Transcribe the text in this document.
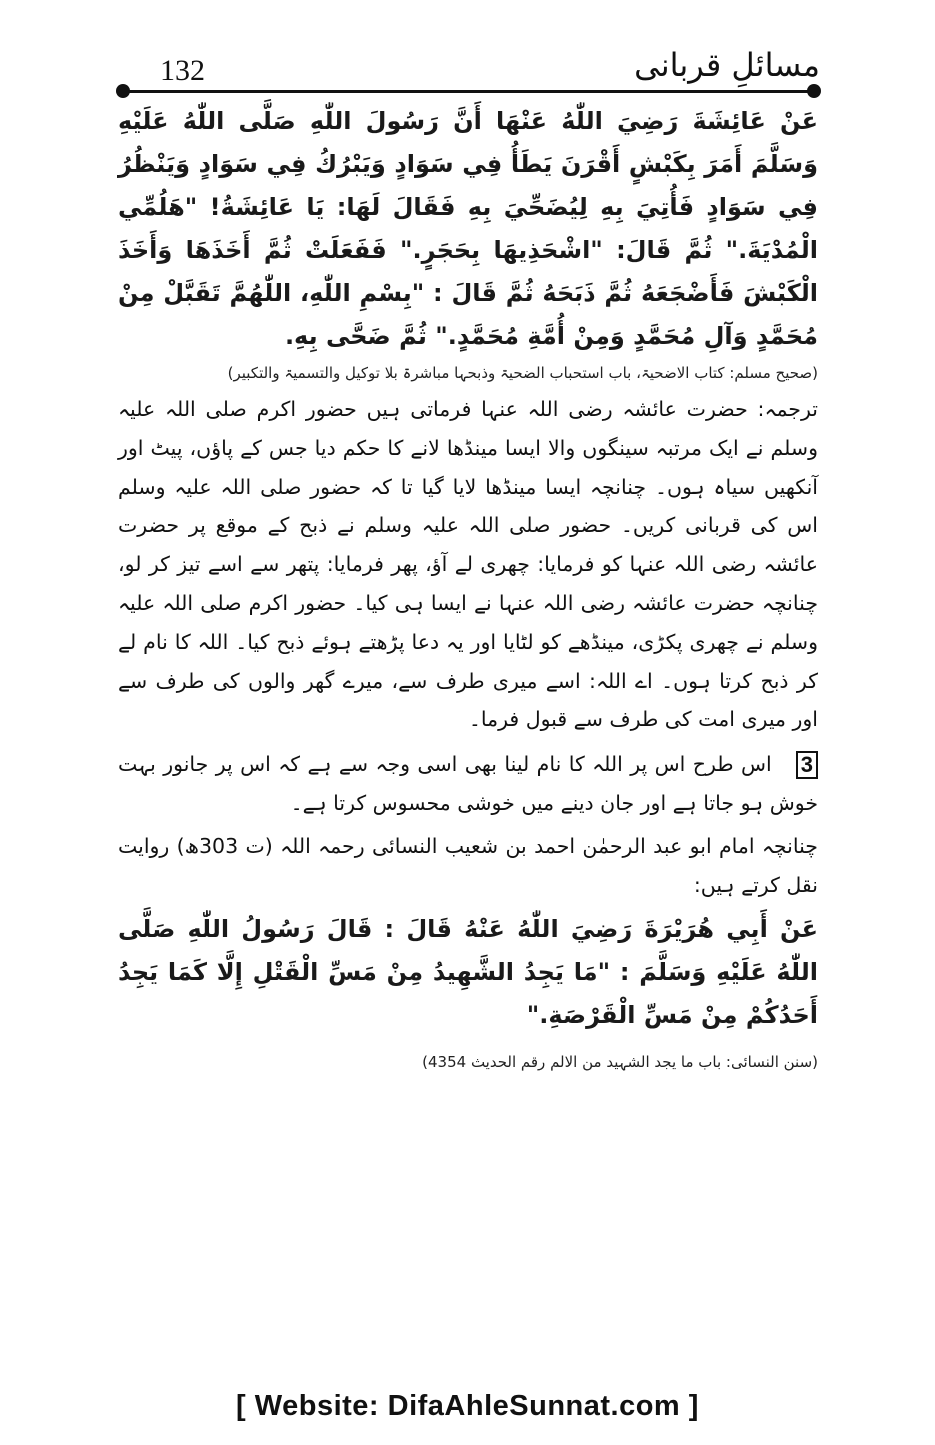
132	مسائلِ قربانی

عَنْ عَائِشَةَ رَضِيَ اللّٰهُ عَنْهَا أَنَّ رَسُولَ اللّٰهِ صَلَّى اللّٰهُ عَلَيْهِ وَسَلَّمَ أَمَرَ بِكَبْشٍ أَقْرَنَ يَطَأُ فِي سَوَادٍ وَيَبْرُكُ فِي سَوَادٍ وَيَنْظُرُ فِي سَوَادٍ فَأُتِيَ بِهِ لِيُضَحِّيَ بِهِ فَقَالَ لَهَا: يَا عَائِشَةُ! "هَلُمِّي الْمُدْيَةَ." ثُمَّ قَالَ: "اشْحَذِيهَا بِحَجَرٍ." فَفَعَلَتْ ثُمَّ أَخَذَهَا وَأَخَذَ الْكَبْشَ فَأَضْجَعَهُ ثُمَّ ذَبَحَهُ ثُمَّ قَالَ : "بِسْمِ اللّٰهِ، اللّٰهُمَّ تَقَبَّلْ مِنْ مُحَمَّدٍ وَآلِ مُحَمَّدٍ وَمِنْ أُمَّةِ مُحَمَّدٍ." ثُمَّ ضَحَّى بِهِ.

(صحیح مسلم: کتاب الاضحیۃ، باب استحباب الضحیۃ وذبحہا مباشرۃ بلا توکیل والتسمیۃ والتکبیر)

ترجمہ: حضرت عائشہ رضی اللہ عنہا فرماتی ہیں حضور اکرم صلی اللہ علیہ وسلم نے ایک مرتبہ سینگوں والا ایسا مینڈھا لانے کا حکم دیا جس کے پاؤں، پیٹ اور آنکھیں سیاہ ہوں۔ چنانچہ ایسا مینڈھا لایا گیا تا کہ حضور صلی اللہ علیہ وسلم اس کی قربانی کریں۔ حضور صلی اللہ علیہ وسلم نے ذبح کے موقع پر حضرت عائشہ رضی اللہ عنہا کو فرمایا: چھری لے آؤ، پھر فرمایا: پتھر سے اسے تیز کر لو، چنانچہ حضرت عائشہ رضی اللہ عنہا نے ایسا ہی کیا۔ حضور اکرم صلی اللہ علیہ وسلم نے چھری پکڑی، مینڈھے کو لٹایا اور یہ دعا پڑھتے ہوئے ذبح کیا۔ اللہ کا نام لے کر ذبح کرتا ہوں۔ اے اللہ: اسے میری طرف سے، میرے گھر والوں کی طرف سے اور میری امت کی طرف سے قبول فرما۔

3اس طرح اس پر اللہ کا نام لینا بھی اسی وجہ سے ہے کہ اس پر جانور بہت خوش ہو جاتا ہے اور جان دینے میں خوشی محسوس کرتا ہے۔

چنانچہ امام ابو عبد الرحمٰن احمد بن شعیب النسائی رحمہ اللہ (ت 303ھ) روایت نقل کرتے ہیں:

عَنْ أَبِي هُرَيْرَةَ رَضِيَ اللّٰهُ عَنْهُ قَالَ : قَالَ رَسُولُ اللّٰهِ صَلَّى اللّٰهُ عَلَيْهِ وَسَلَّمَ : "مَا يَجِدُ الشَّهِيدُ مِنْ مَسِّ الْقَتْلِ إِلَّا كَمَا يَجِدُ أَحَدُكُمْ مِنْ مَسِّ الْقَرْصَةِ."

(سنن النسائی: باب ما یجد الشہید من الالم رقم الحدیث 4354)

[ Website: DifaAhleSunnat.com ]
